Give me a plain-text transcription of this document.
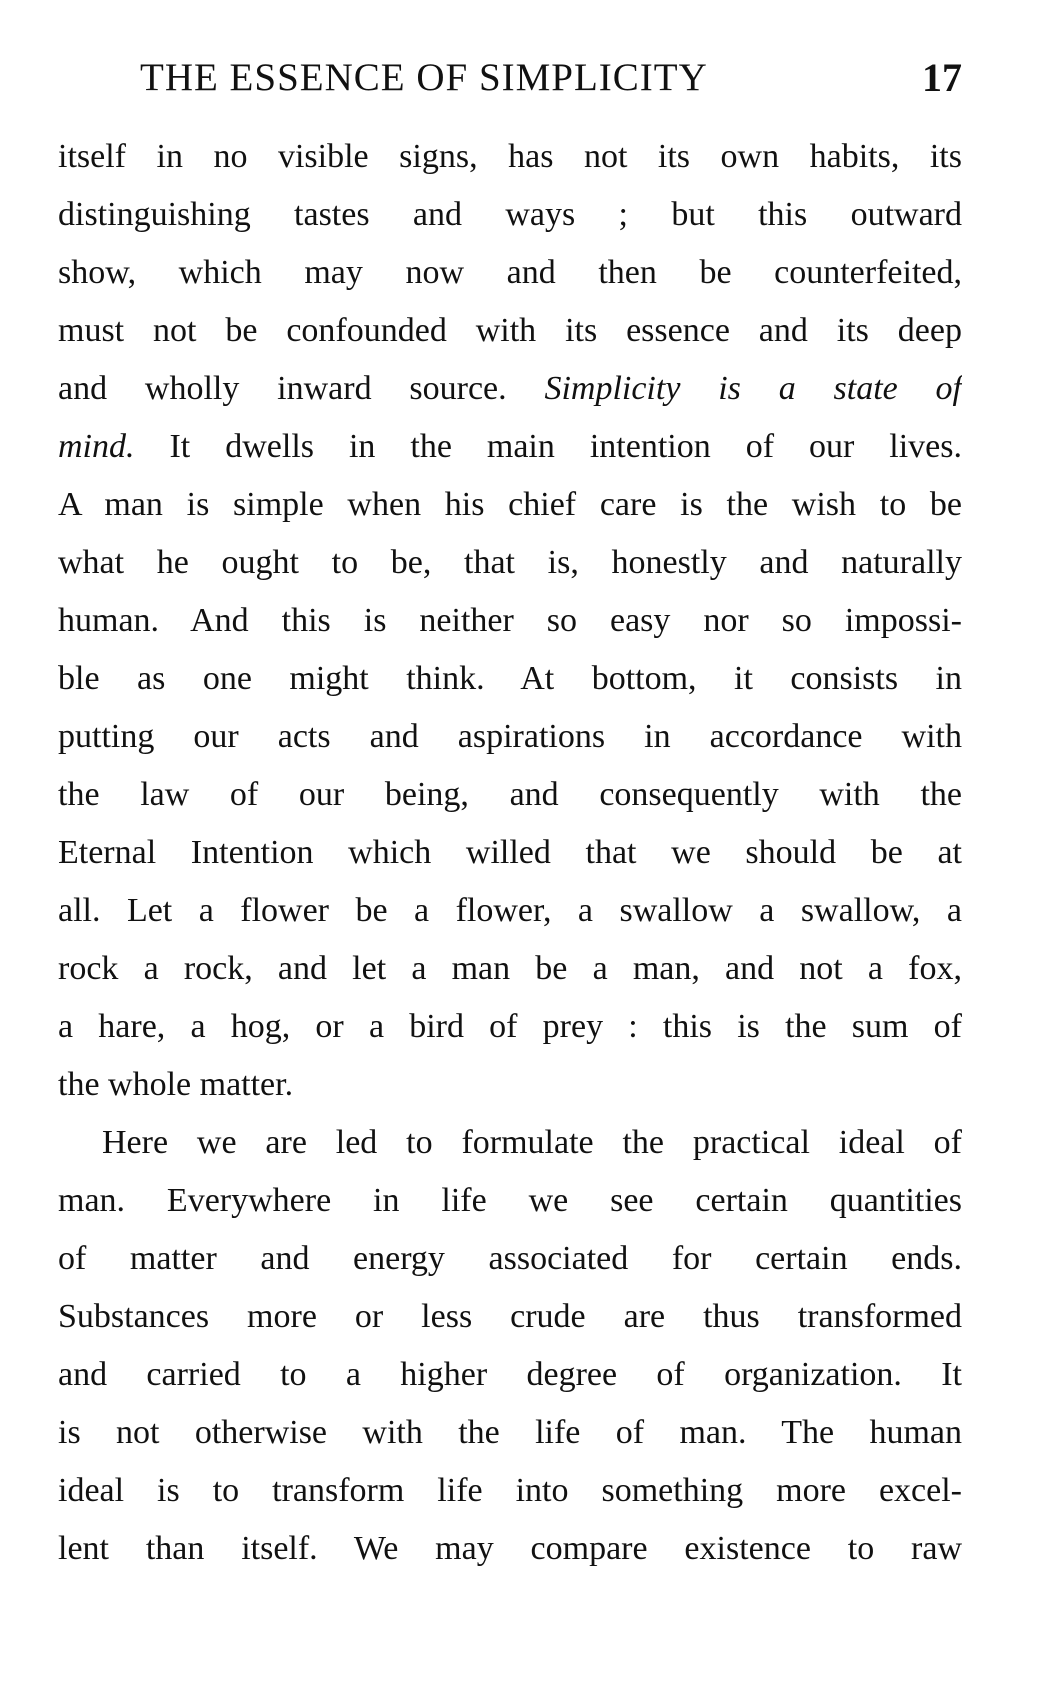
THE ESSENCE OF SIMPLICITY	17
itself in no visible signs, has not its own habits, its
distinguishing tastes and ways ; but this outward
show, which may now and then be counterfeited,
must not be confounded with its essence and its deep
and wholly inward source. Simplicity is a state of
mind. It dwells in the main intention of our lives.
A man is simple when his chief care is the wish to be
what he ought to be, that is, honestly and naturally
human. And this is neither so easy nor so impossi-
ble as one might think. At bottom, it consists in
putting our acts and aspirations in accordance with
the law of our being, and consequently with the
Eternal Intention which willed that we should be at
all. Let a flower be a flower, a swallow a swallow, a
rock a rock, and let a man be a man, and not a fox,
a hare, a hog, or a bird of prey : this is the sum of
the whole matter.
Here we are led to formulate the practical ideal of
man. Everywhere in life we see certain quantities
of matter and energy associated for certain ends.
Substances more or less crude are thus transformed
and carried to a higher degree of organization. It
is not otherwise with the life of man. The human
ideal is to transform life into something more excel-
lent than itself. We may compare existence to raw
